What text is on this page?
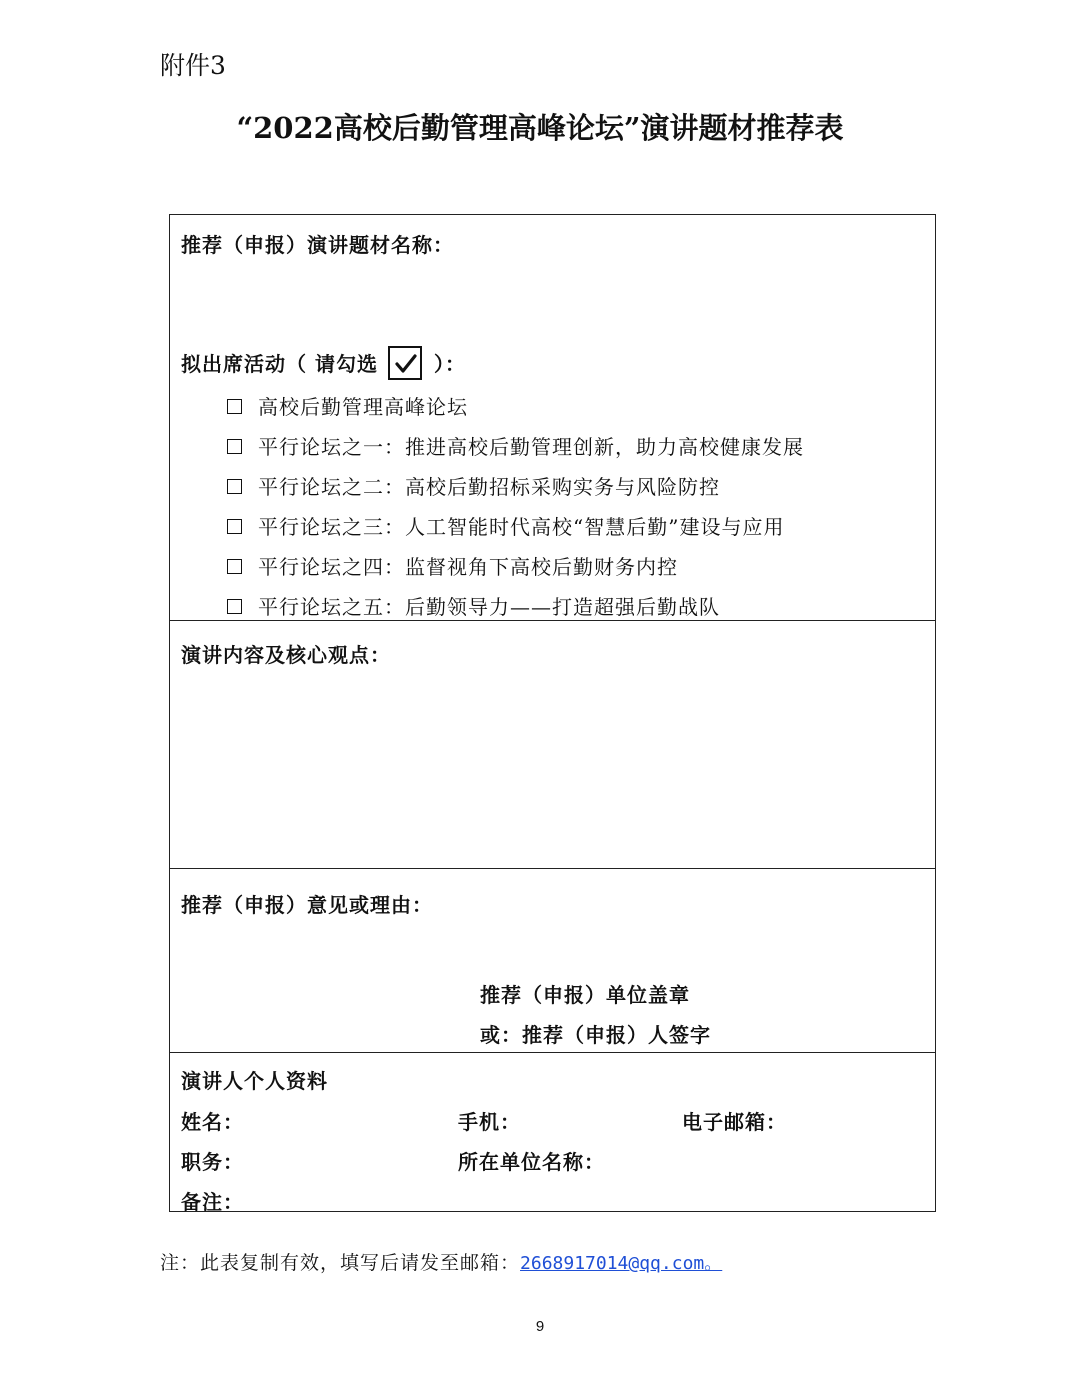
附件3
“2022高校后勤管理高峰论坛”演讲题材推荐表
推荐（申报）演讲题材名称：
拟出席活动（ 请勾选	）：
高校后勤管理高峰论坛
平行论坛之一：推进高校后勤管理创新，助力高校健康发展
平行论坛之二：高校后勤招标采购实务与风险防控
平行论坛之三：人工智能时代高校“智慧后勤”建设与应用
平行论坛之四：监督视角下高校后勤财务内控
平行论坛之五：后勤领导力——打造超强后勤战队
演讲内容及核心观点：
推荐（申报）意见或理由：
推荐（申报）单位盖章
或：推荐（申报）人签字
演讲人个人资料
姓名：	手机：	电子邮箱：
职务：	所在单位名称：
备注：
注：此表复制有效，填写后请发至邮箱：2668917014@qq.com。
9
